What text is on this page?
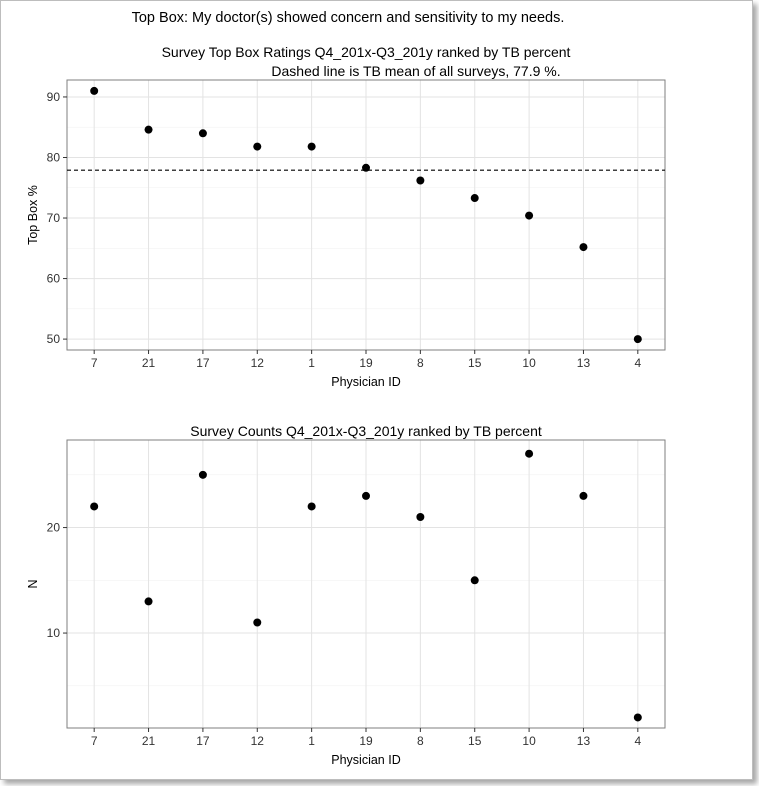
Top Box: My doctor(s) showed concern and sensitivity to my needs.
50
60
70
80
90
7	21	17	12	1	19	8	15	10	13	4
Survey Top Box Ratings Q4_201x-Q3_201y ranked by TB percent
Dashed line is TB mean of all surveys, 77.9 %.
Physician ID
Top Box %
10
20
7	21	17	12	1	19	8	15	10	13	4
Survey Counts Q4_201x-Q3_201y ranked by TB percent
Physician ID
N
